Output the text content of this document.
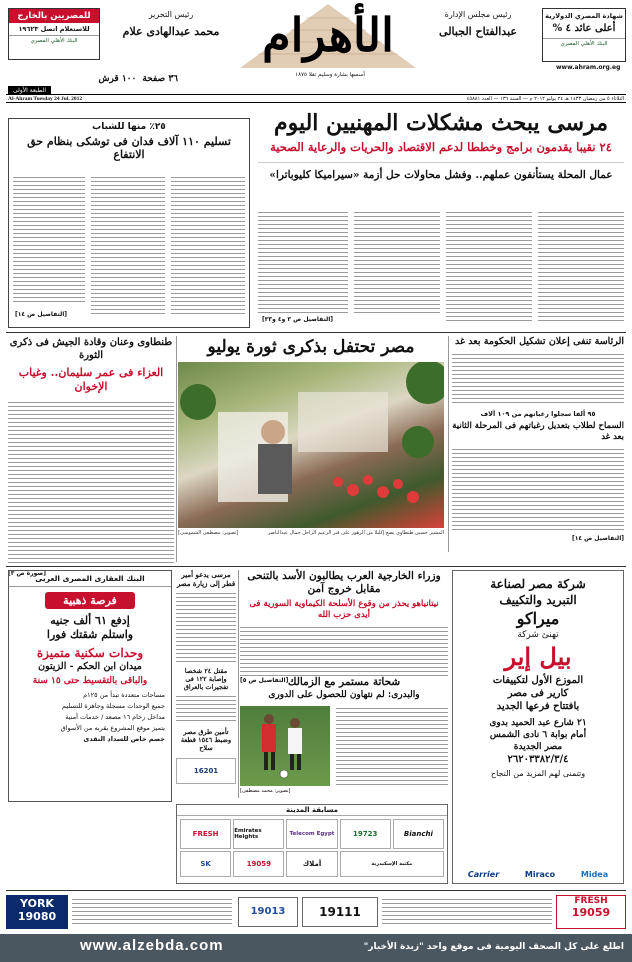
للمصريين بالخارج
للاستعلام اتصل ١٩٦٢٣
البنك الأهلي المصري
رئيس التحرير
محمد عبدالهادى علام الأهرام	رئيس مجلس الإدارة
عبدالفتاح الجبالى
شهادة المصري الدولارية
أعلى عائد ٤ %
البنك الأهلي المصري
www.ahram.org.eg
٣٦ صفحة
١٠٠ قرش
الطبعة الأولى
أسسها بشارة وسليم تقلا ١٨٧٥
Al-Ahram Tuesday 24 Jul. 2012	الثلاثاء ٥ من رمضان ١٤٣٣ هـ ٢٤ يوليو ٢٠١٢ م — السنة ١٣٦ — العدد ٤٥٨٨١
مرسى يبحث مشكلات المهنيين اليوم
٢٤ نقيبا يقدمون برامج وخططا لدعم الاقتصاد والحريات والرعاية الصحية
عمال المحلة يستأنفون عملهم.. وفشل محاولات حل أزمة «سيراميكا كليوباترا»
[التفاصيل ص ٣ و٤ و٣٣]
٢٥٪ منها للشباب
تسليم ١١٠ آلاف فدان فى توشكى بنظام حق الانتفاع
[التفاصيل ص ١٤]
الرئاسة تنفى إعلان تشكيل الحكومة بعد غد
٩٥ ألفا سجلوا رغباتهم من ١٠٩ آلاف
السماح لطلاب بتعديل رغباتهم فى المرحلة الثانية بعد غد
[التفاصيل ص ١٤]
مصر تحتفل بذكرى ثورة يوليو
[تصوير: مصطفى الشموسى]	المشير حسين طنطاوى يضع إكليلا من الزهور على قبر الزعيم الراحل جمال عبدالناصر
طنطاوى وعنان وقادة الجيش فى ذكرى الثورة
العزاء فى عمر سليمان.. وغياب الإخوان
[صورة ص ٣]
شركة مصر لصناعة
التبريد والتكييف
ميراكو
تهنئ شركة
بيل إير
الموزع الأول لتكييفات
كارير فى مصر
بافتتاح فرعها الجديد
٢١ شارع عبد الحميد بدوى
أمام بوابة ٦ نادى الشمس
مصر الجديدة
٢٦٢٠٣٣٨٢/٣/٤
وتتمنى لهم المزيد من النجاح
Carrier	Miraco	Midea
وزراء الخارجية العرب يطالبون الأسد بالتنحى مقابل خروج آمن
نيتانياهو يحذر من وقوع الأسلحة الكيماوية السورية فى أيدى حزب الله
[التفاصيل ص ٥] شحاتة مستمر مع الزمالك
والبدرى: لم نتهاون للحصول على الدورى
[تصوير: محمد مصطفى]
مرسى يدعو أمير قطر إلى زيارة مصر
مقتل ٢٤ شخصا وإصابة ١٢٢ فى تفجيرات بالعراق
تأمين طرق مصر وضبط ١٥٤٦ قطعة سلاح
16201
البنك العقارى المصرى العربى
فرصة ذهبية
إدفع ٦١ ألف جنيه
واستلم شقتك فورا
وحدات سكنية متميزة
ميدان ابن الحكم - الزيتون
والباقى بالتقسيط حتى ١٥ سنة
مساحات متعددة تبدأ من ١٢٥م
جميع الوحدات مسجلة وجاهزة للتسليم
مداخل رخام ١٦ مصعد / خدمات أمنية
يتميز موقع المشروع بقربه من الأسواق
خصم خاص للسداد النقدى
مسابقة المدينة
FRESH	Emirates Heights	Telecom Egypt	19723	Bianchi
SK	19059	أملاك	مكتبة الإسكندرية
YORK
19080	19013	19111
FRESH
19059
www.alzebda.com	اطلع على كل الصحف اليومية فى موقع واحد "زبدة الأخبار"
